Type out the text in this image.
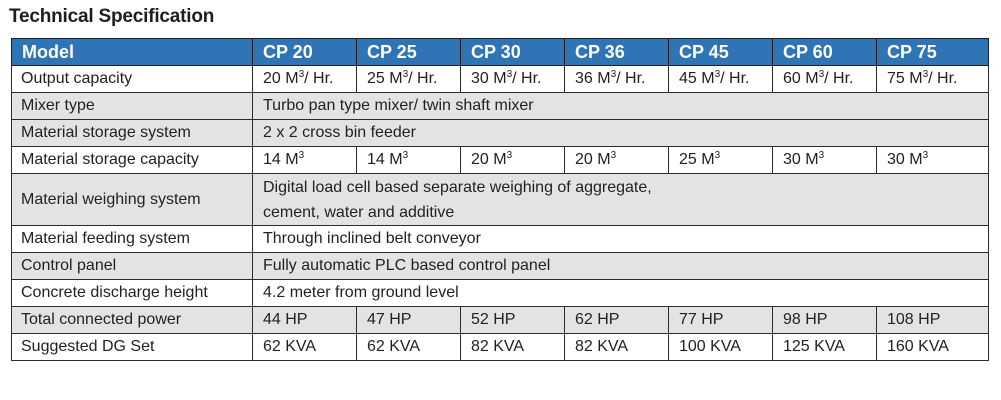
Technical Specification
Model	CP 20	CP 25	CP 30	CP 36	CP 45	CP 60	CP 75
Output capacity	20 $M^3/$ Hr.	25 $M^3/$ Hr.	30 $M^3/$ Hr.	36 $M^3/$ Hr.	45 $M^3/$ Hr.	60 $M^3/$ Hr.	75 $M^3/$ Hr.
Mixer type	Turbo pan type mixer/ twin shaft mixer						
Material storage system	2 x 2 cross bin feeder						
Material storage capacity	14 $M^3$	14 $M^3$	20 $M^3$	20 $M^3$	25 $M^3$	30 $M^3$	30 $M^3$
Material weighing system	Digital load cell based separate weighing of aggregate,
cement, water and additive						

Material feeding system	Through inclined belt conveyor						
Control panel	Fully automatic PLC based control panel						
Concrete discharge height	4.2 meter from ground level						
Total connected power	44 HP	47 HP	52 HP	62 HP	77 HP	98 HP	108 HP
Suggested DG Set	62 KVA	62 KVA	82 KVA	82 KVA	100 KVA	125 KVA	160 KVA
